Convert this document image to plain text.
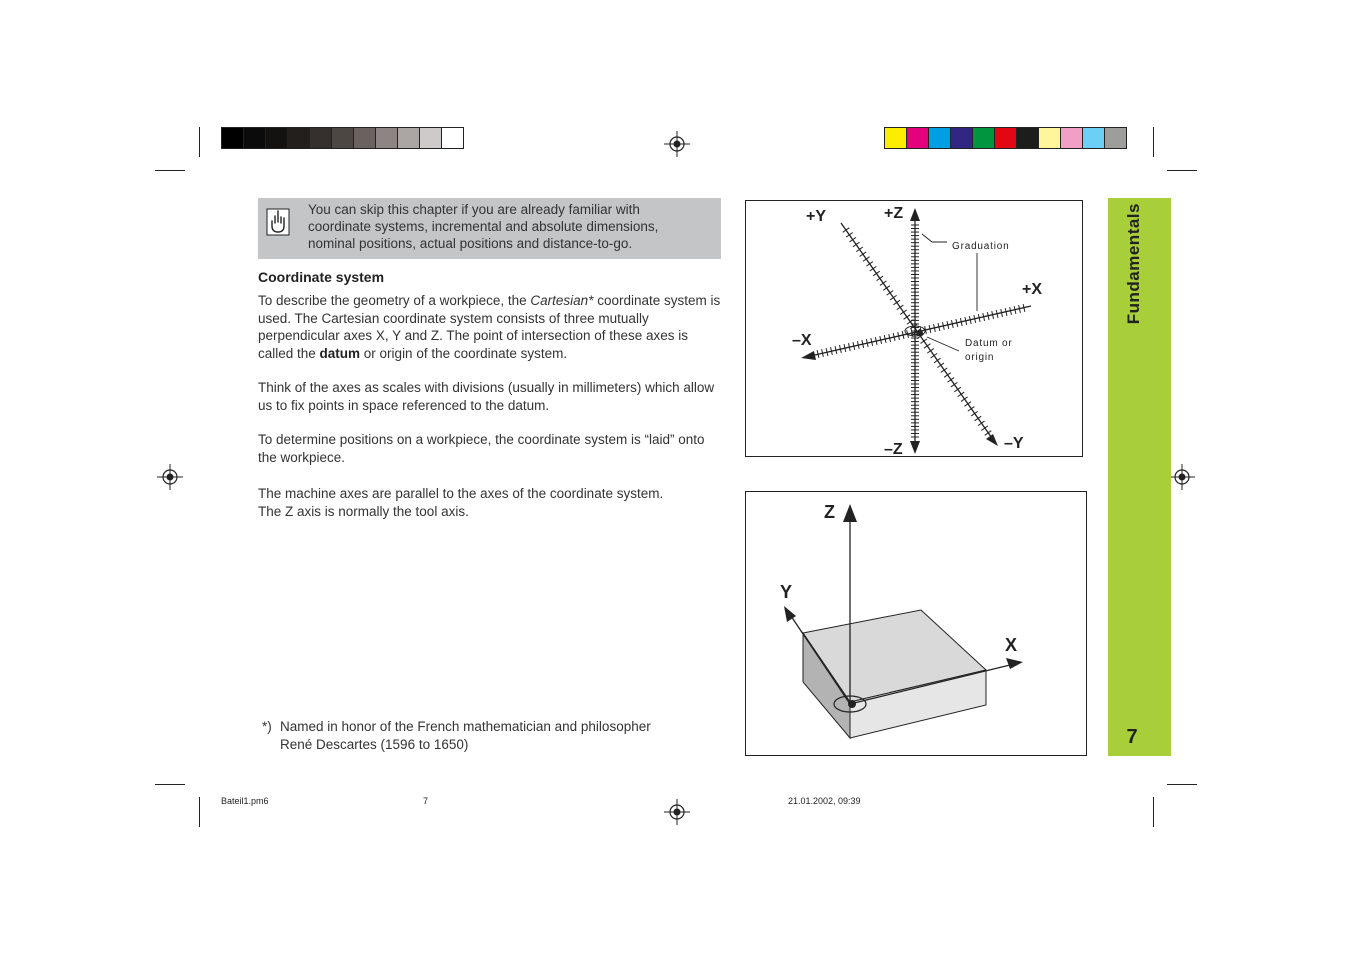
You can skip this chapter if you are already familiar with
coordinate systems, incremental and absolute dimensions,
nominal positions, actual positions and distance-to-go.
Coordinate system
To describe the geometry of a workpiece, the Cartesian* coordinate system is used. The Cartesian coordinate system consists of three mutually perpendicular axes X, Y and Z. The point of intersection of these axes is called the datum or origin of the coordinate system.
Think of the axes as scales with divisions (usually in millimeters) which allow us to fix points in space referenced to the datum.
To determine positions on a workpiece, the coordinate system is “laid” onto the workpiece.
The machine axes are parallel to the axes of the coordinate system.
The Z axis is normally the tool axis.
*) Named in honor of the French mathematician and philosopher
René Descartes (1596 to 1650)
+Y	+Z
+X
–X
–Z	–Y
Graduation
Datum or
origin
Z
Y
X
Fundamentals
7
Bateil1.pm6	7	21.01.2002, 09:39
